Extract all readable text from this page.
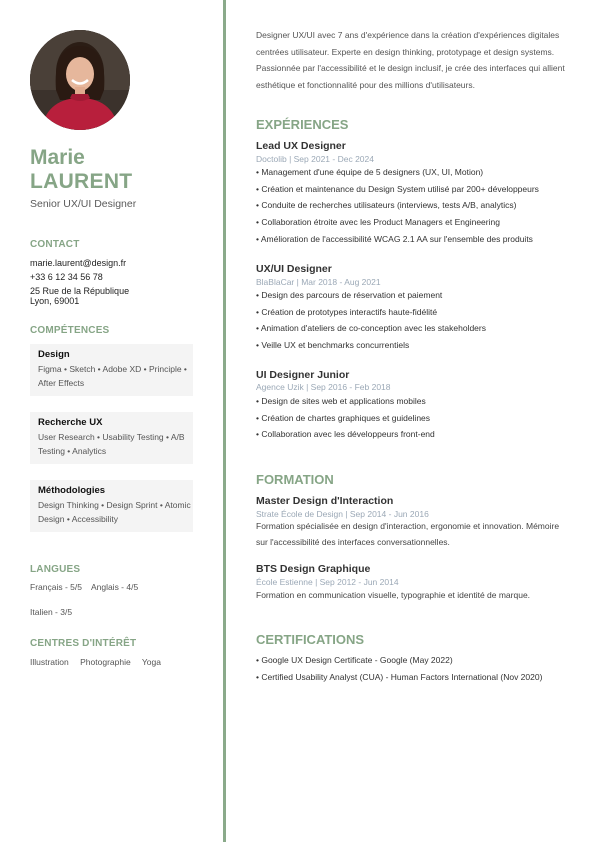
Marie
LAURENT
Senior UX/UI Designer
CONTACT
marie.laurent@design.fr
+33 6 12 34 56 78
25 Rue de la République
Lyon, 69001
COMPÉTENCES
Design
Figma • Sketch • Adobe XD • Principle • After Effects
Recherche UX
User Research • Usability Testing • A/B Testing • Analytics
Méthodologies
Design Thinking • Design Sprint • Atomic Design • Accessibility
LANGUES
Français - 5/5    Anglais - 4/5
Italien - 3/5
CENTRES D'INTÉRÊT
Illustration Photographie Yoga
Designer UX/UI avec 7 ans d'expérience dans la création d'expériences digitales centrées utilisateur. Experte en design thinking, prototypage et design systems. Passionnée par l'accessibilité et le design inclusif, je crée des interfaces qui allient esthétique et fonctionnalité pour des millions d'utilisateurs.
EXPÉRIENCES
Lead UX Designer
Doctolib | Sep 2021 - Dec 2024
• Management d'une équipe de 5 designers (UX, UI, Motion)
• Création et maintenance du Design System utilisé par 200+ développeurs
• Conduite de recherches utilisateurs (interviews, tests A/B, analytics)
• Collaboration étroite avec les Product Managers et Engineering
• Amélioration de l'accessibilité WCAG 2.1 AA sur l'ensemble des produits
UX/UI Designer
BlaBlaCar | Mar 2018 - Aug 2021
• Design des parcours de réservation et paiement
• Création de prototypes interactifs haute-fidélité
• Animation d'ateliers de co-conception avec les stakeholders
• Veille UX et benchmarks concurrentiels
UI Designer Junior
Agence Uzik | Sep 2016 - Feb 2018
• Design de sites web et applications mobiles
• Création de chartes graphiques et guidelines
• Collaboration avec les développeurs front-end
FORMATION
Master Design d'Interaction
Strate École de Design | Sep 2014 - Jun 2016
Formation spécialisée en design d'interaction, ergonomie et innovation. Mémoire sur l'accessibilité des interfaces conversationnelles.
BTS Design Graphique
École Estienne | Sep 2012 - Jun 2014
Formation en communication visuelle, typographie et identité de marque.
CERTIFICATIONS
• Google UX Design Certificate - Google (May 2022)
• Certified Usability Analyst (CUA) - Human Factors International (Nov 2020)
